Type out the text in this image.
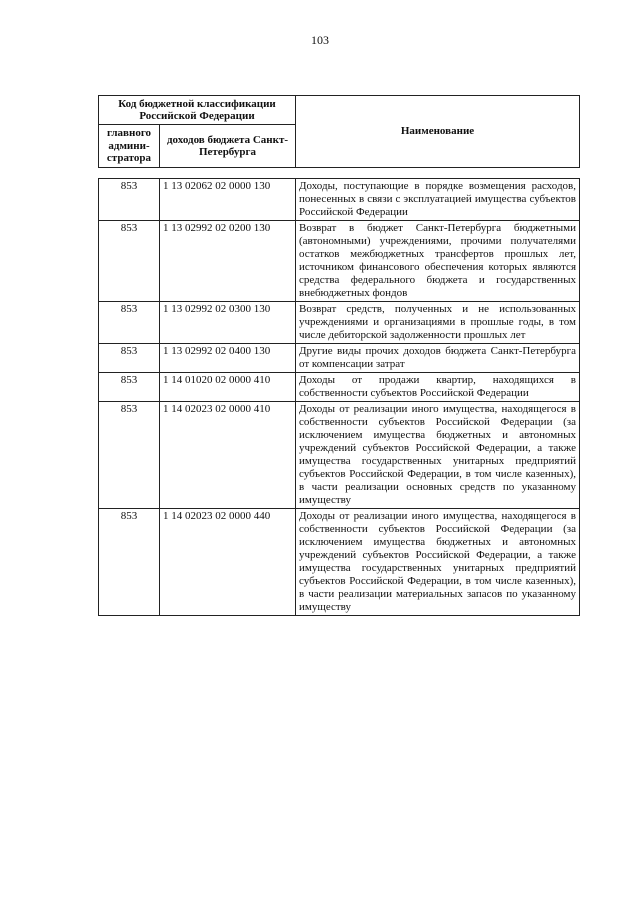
103
Код бюджетной классификации Российской Федерации		Наименование
главного админи-стратора	доходов бюджета Санкт-Петербурга	
853	1 13 02062 02 0000 130	Доходы, поступающие в порядке возмещения расходов, понесенных в связи с эксплуатацией имущества субъектов Российской Федерации
853	1 13 02992 02 0200 130	Возврат в бюджет Санкт-Петербурга бюджетными (автономными) учреждениями, прочими получателями остатков межбюджетных трансфертов прошлых лет, источником финансового обеспечения которых являются средства федерального бюджета и государственных внебюджетных фондов
853	1 13 02992 02 0300 130	Возврат средств, полученных и не использованных учреждениями и организациями в прошлые годы, в том числе дебиторской задолженности прошлых лет
853	1 13 02992 02 0400 130	Другие виды прочих доходов бюджета Санкт-Петербурга от компенсации затрат
853	1 14 01020 02 0000 410	Доходы от продажи квартир, находящихся в собственности субъектов Российской Федерации
853	1 14 02023 02 0000 410	Доходы от реализации иного имущества, находящегося в собственности субъектов Российской Федерации (за исключением имущества бюджетных и автономных учреждений субъектов Российской Федерации, а также имущества государственных унитарных предприятий субъектов Российской Федерации, в том числе казенных), в части реализации основных средств по указанному имуществу
853	1 14 02023 02 0000 440	Доходы от реализации иного имущества, находящегося в собственности субъектов Российской Федерации (за исключением имущества бюджетных и автономных учреждений субъектов Российской Федерации, а также имущества государственных унитарных предприятий субъектов Российской Федерации, в том числе казенных), в части реализации материальных запасов по указанному имуществу
